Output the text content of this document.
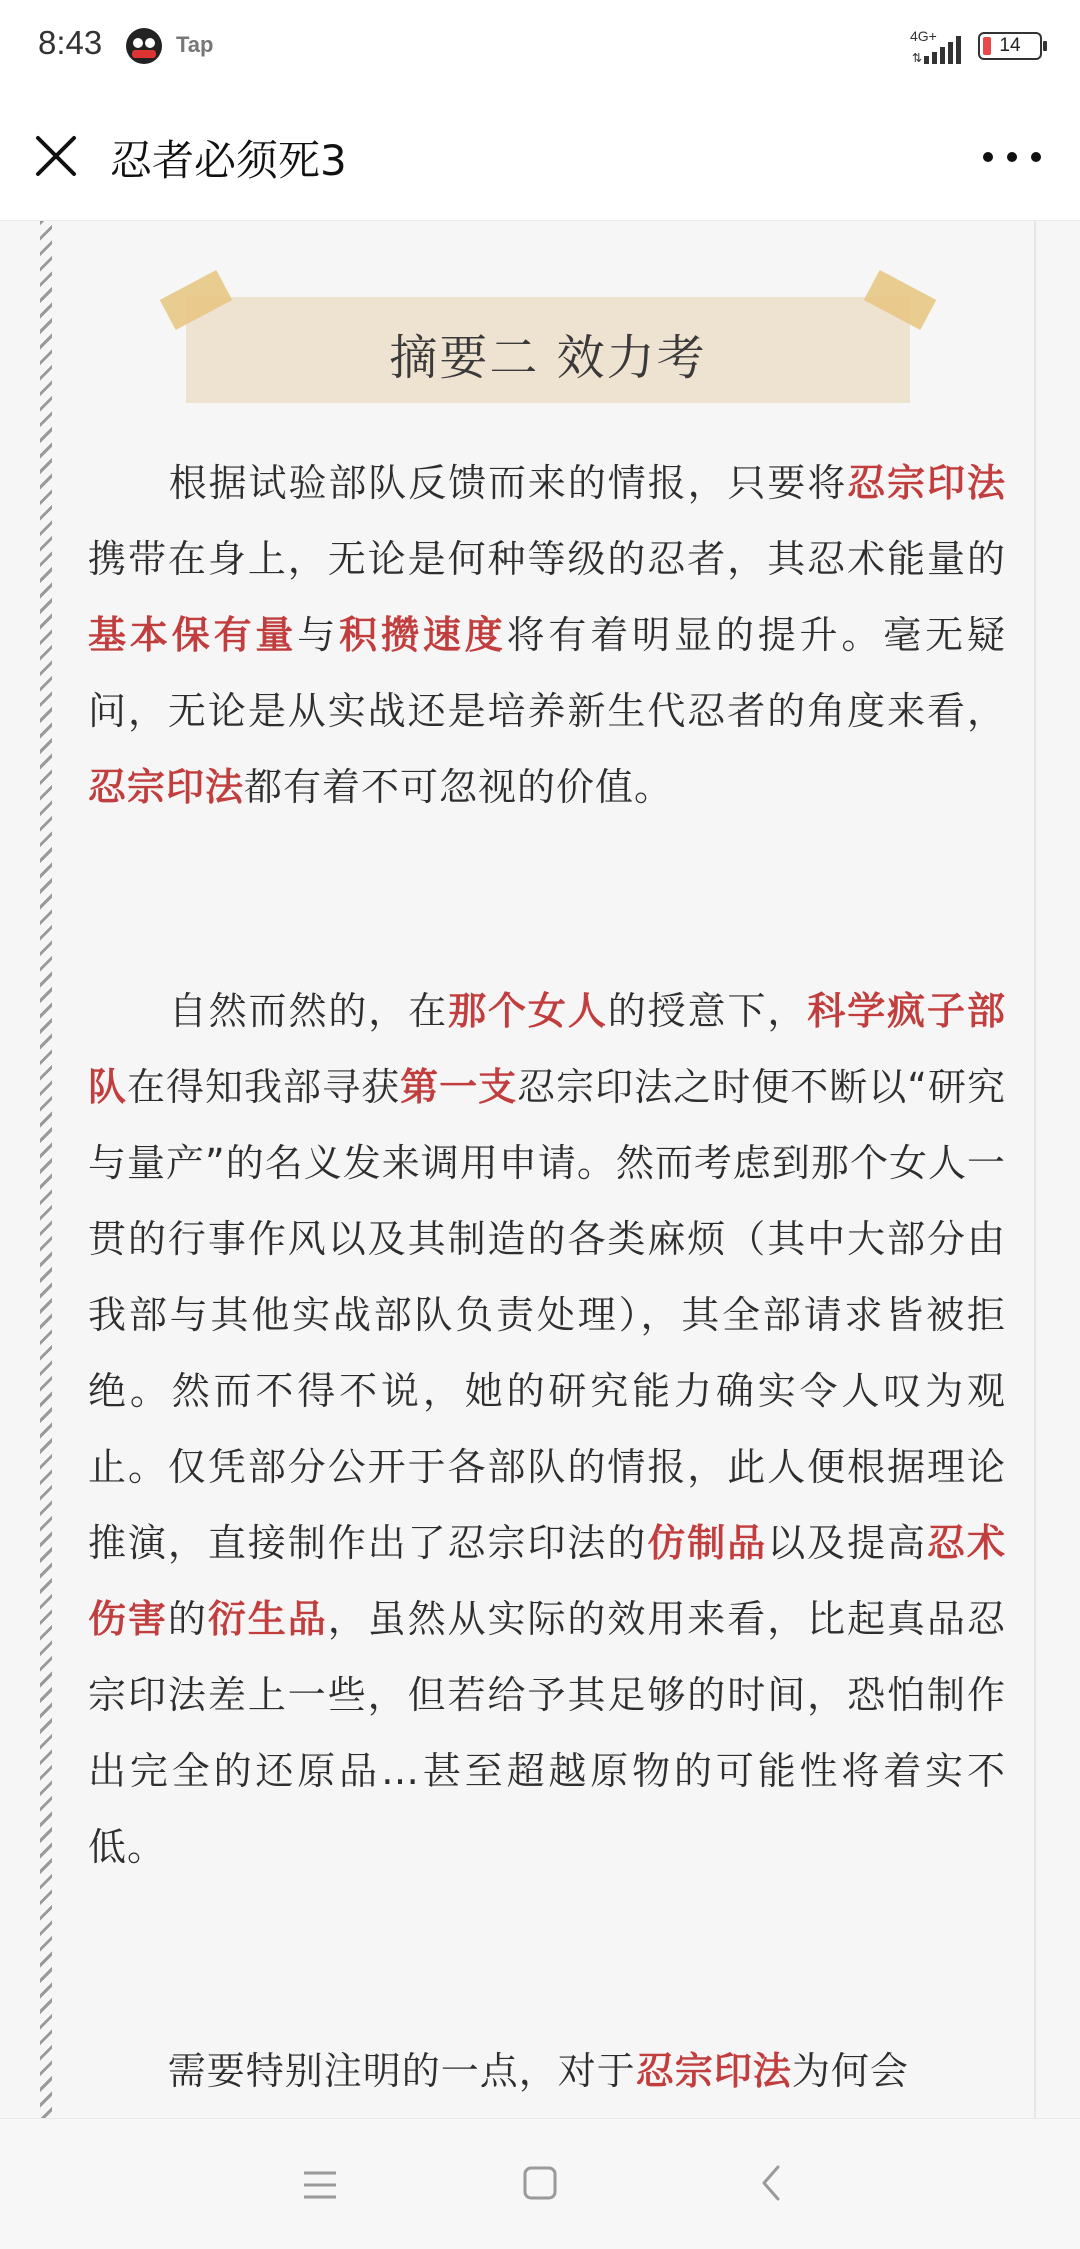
8:43	Tap	4G+
⇅
14
忍者必须死3
摘要二 效力考
根据试验部队反馈而来的情报，只要将忍宗印法携带在身上，无论是何种等级的忍者，其忍术能量的基本保有量与积攒速度将有着明显的提升。毫无疑问，无论是从实战还是培养新生代忍者的角度来看，忍宗印法都有着不可忽视的价值。
自然而然的，在那个女人的授意下，科学疯子部队在得知我部寻获第一支忍宗印法之时便不断以“研究与量产”的名义发来调用申请。然而考虑到那个女人一贯的行事作风以及其制造的各类麻烦（其中大部分由我部与其他实战部队负责处理），其全部请求皆被拒绝。然而不得不说，她的研究能力确实令人叹为观止。仅凭部分公开于各部队的情报，此人便根据理论推演，直接制作出了忍宗印法的仿制品以及提高忍术伤害的衍生品，虽然从实际的效用来看，比起真品忍宗印法差上一些，但若给予其足够的时间，恐怕制作出完全的还原品…甚至超越原物的可能性将着实不低。
需要特别注明的一点，对于忍宗印法为何会
